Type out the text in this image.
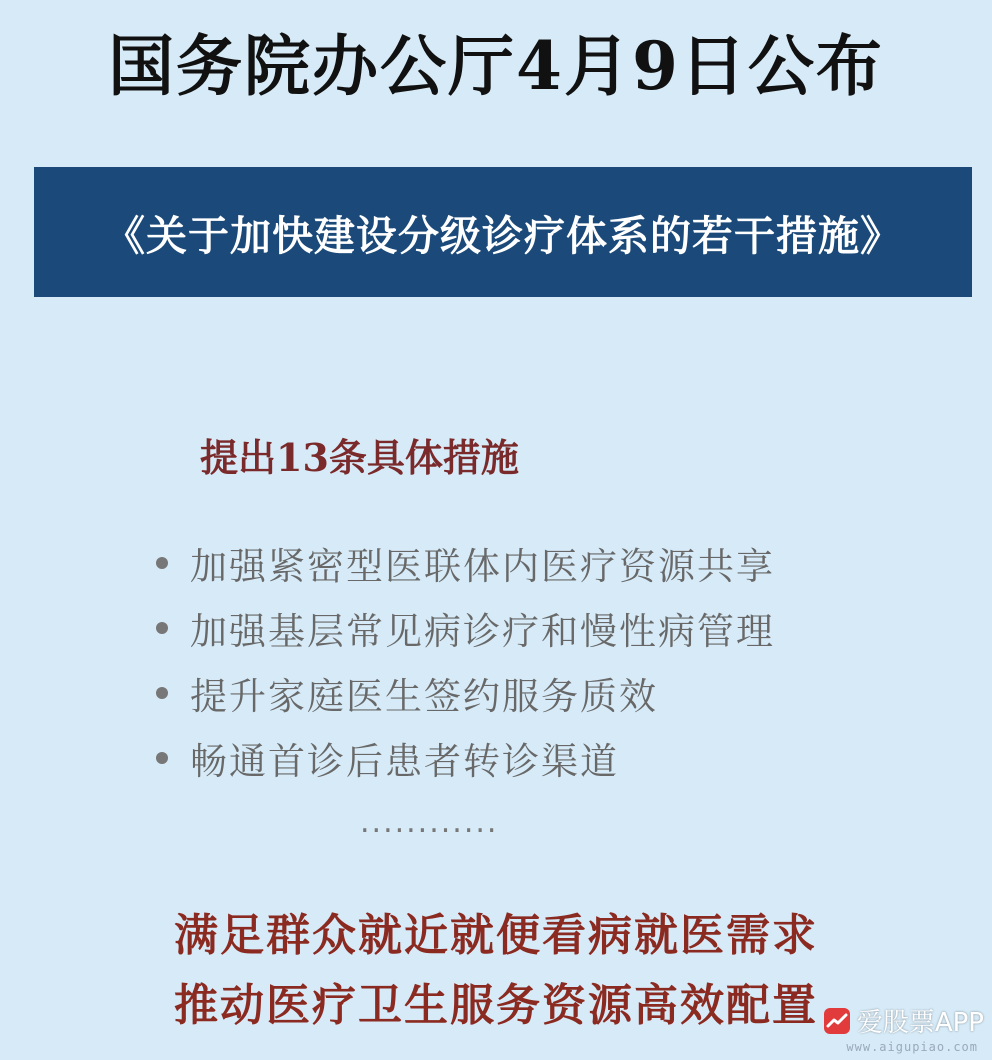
国务院办公厅4月9日公布
《关于加快建设分级诊疗体系的若干措施》
提出13条具体措施
加强紧密型医联体内医疗资源共享
加强基层常见病诊疗和慢性病管理
提升家庭医生签约服务质效
畅通首诊后患者转诊渠道
............
满足群众就近就便看病就医需求
推动医疗卫生服务资源高效配置	爱股票APP
www.aigupiao.com
